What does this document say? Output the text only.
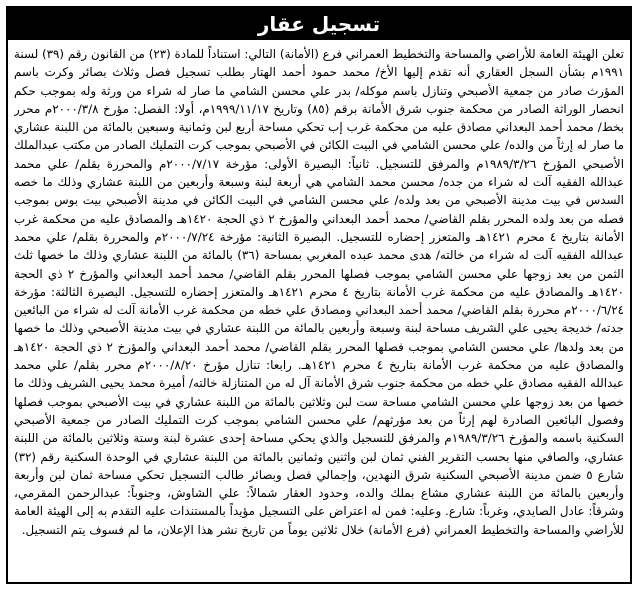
تسجيل عقار
تعلن الهيئة العامة للأراضي والمساحة والتخطيط العمراني فرع (الأمانة) التالي: استناداً للمادة (٢٣) من القانون رقم (٣٩) لسنة ١٩٩١م بشأن السجل العقاري أنه تقدم إليها الأخ/ محمد حمود أحمد الهتار بطلب تسجيل فصل وثلاث بصائر وكرت باسم المؤرث صادر من جمعية الأصبحي وتنازل باسم موكله/ بدر علي محسن الشامي ما صار له شراء من ورثة وله بموجب حكم انحصار الوراثة الصادر من محكمة جنوب شرق الأمانة برقم (٨٥) وتاريخ ١٩٩٩/١١/١٧م، أولا: الفصل: مؤرخ ٢٠٠٠/٣/٨م محرر بخط/ محمد أحمد البعداني مصادق عليه من محكمة غرب إب تحكي مساحة أربع لبن وثمانية وسبعين بالمائة من اللبنة عشاري ما صار له إرثاً من والده/ علي محسن الشامي في البيت الكائن في الأصبحي بموجب كرت التمليك الصادر من مكتب عبدالملك الأصبحي المؤرخ ١٩٨٩/٣/٢٦م والمرفق للتسجيل. ثانياً: البصيرة الأولى: مؤرخة ٢٠٠٠/٧/١٧م والمحررة بقلم/ علي محمد عبدالله الفقيه آلت له شراء من جده/ محسن محمد الشامي هي أربعة لبنة وسبعة وأربعين من اللبنة عشاري وذلك ما خصه السدس في بيت مدينة الأصبحي من بعد ولده/ علي محسن الشامي في البيت الكائن في مدينة الأصبحي بيت بوس بموجب فصله من بعد ولده المحرر بقلم القاضي/ محمد أحمد البعداني والمؤرخ ٢ ذي الحجة ١٤٢٠هـ والمصادق عليه من محكمة غرب الأمانة بتاريخ ٤ محرم ١٤٢١هـ والمتعزر إحضاره للتسجيل. البصيرة الثانية: مؤرخة ٢٠٠٠/٧/٢٤م والمحررة بقلم/ علي محمد عبدالله الفقيه آلت له شراء من خالته/ هدى محمد عبده المغربي بمساحة (٣٦) بالمائة من اللبنة عشاري وذلك ما خصها ثلث الثمن من بعد زوجها علي محسن الشامي بموجب فصلها المحرر بقلم القاضي/ محمد أحمد البعداني والمؤرخ ٢ ذي الحجة ١٤٢٠هـ والمصادق عليه من محكمة غرب الأمانة بتاريخ ٤ محرم ١٤٢١هـ والمتعزر إحضاره للتسجيل. البصيرة الثالثة: مؤرخة ٢٠٠٠/٦/٢٤م محررة بقلم القاضي/ محمد أحمد البعداني ومصادق علي خطه من محكمة غرب الأمانة آلت له شراء من البائعين جدته/ خديجة يحيى علي الشريف مساحة لبنة وسبعة وأربعين بالمائة من اللبنة عشاري في بيت مدينة الأصبحي وذلك ما خصها من بعد ولدها/ علي محسن الشامي بموجب فصلها المحرر بقلم القاضي/ محمد أحمد البعداني والمؤرخ ٢ ذي الحجة ١٤٢٠هـ والمصادق عليه من محكمة غرب الأمانة بتاريخ ٤ محرم ١٤٢١هـ. رابعا: تنازل مؤرخ ٢٠٠٠/٨/٢٠م محرر بقلم/ علي محمد عبدالله الفقيه مصادق علي خطه من محكمة جنوب شرق الأمانة آل له من المتنازلة خالته/ أميرة محمد يحيى الشريف وذلك ما خصها من بعد زوجها علي محسن الشامي مساحة ست لبن وثلاثين بالمائة من اللبنة عشاري في بيت الأصبحي بموجب فصلها وفصول البائعين الصادرة لهم إرثاً من بعد مؤرثهم/ علي محسن الشامي بموجب كرت التمليك الصادر من جمعية الأصبحي السكنية باسمه والمؤرخ ١٩٨٩/٣/٢٦م والمرفق للتسجيل والذي يحكي مساحة إحدى عشرة لبنة وستة وثلاثين بالمائة من اللبنة عشاري، والصافي منها بحسب التقرير الفني ثمان لبن واثنين وثمانين بالمائة من اللبنة عشاري في الوحدة السكنية رقم (٣٢) شارع ٥ ضمن مدينة الأصبحي السكنية شرق النهدين، وإجمالي فصل وبصائر طالب التسجيل تحكي مساحة ثمان لبن وأربعة وأربعين بالمائة من اللبنة عشاري مشاع بملك والده، وحدود العقار شمالاً: علي الشاوش، وجنوباً: عبدالرحمن المقرمي، وشرقاً: عادل الصايدي، وغرباً: شارع. وعليه: فمن له اعتراض على التسجيل مؤيداً بالمستندات عليه التقدم به إلى الهيئة العامة للأراضي والمساحة والتخطيط العمراني (فرع الأمانة) خلال ثلاثين يوماً من تاريخ نشر هذا الإعلان، ما لم فسوف يتم التسجيل.
